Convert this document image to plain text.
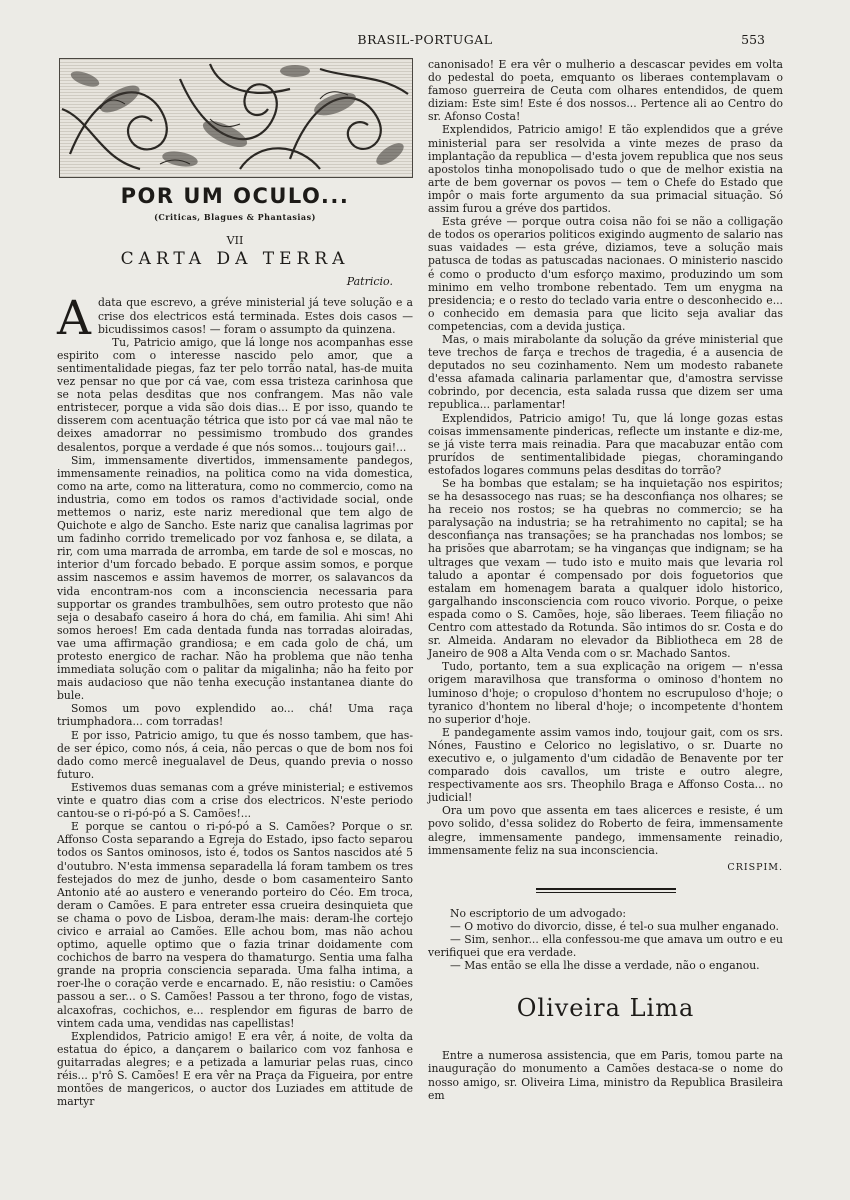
BRASIL-PORTUGAL	553
POR UM OCULO...
(Criticas, Blagues & Phantasias)
VII
CARTA DA TERRA
Patricio.

Adata que escrevo, a gréve ministerial já teve solução e a crise dos electricos está terminada. Estes dois casos — bicudissimos casos! — foram o assumpto da quinzena.

Tu, Patricio amigo, que lá longe nos acompanhas esse espirito com o interesse nascido pelo amor, que a sentimentalidade piegas, faz ter pelo torrão natal, has-de muita vez pensar no que por cá vae, com essa tristeza carinhosa que se nota pelas desditas que nos confrangem. Mas não vale entristecer, porque a vida são dois dias... E por isso, quando te disserem com acentuação tétrica que isto por cá vae mal não te deixes amadorrar no pessimismo trombudo dos grandes desalentos, porque a verdade é que nós somos... toujours gai!...

Sim, immensamente divertidos, immensamente pandegos, immensamente reinadios, na politica como na vida domestica, como na arte, como na litteratura, como no commercio, como na industria, como em todos os ramos d'actividade social, onde mettemos o nariz, este nariz meredional que tem algo de Quichote e algo de Sancho. Este nariz que canalisa lagrimas por um fadinho corrido tremelicado por voz fanhosa e, se dilata, a rir, com uma marrada de arromba, em tarde de sol e moscas, no interior d'um forcado bebado. E porque assim somos, e porque assim nascemos e assim havemos de morrer, os salavancos da vida encontram-nos com a inconsciencia necessaria para supportar os grandes trambulhões, sem outro protesto que não seja o desabafo caseiro á hora do chá, em familia. Ahi sim! Ahi somos heroes! Em cada dentada funda nas torradas aloiradas, vae uma affirmação grandiosa; e em cada golo de chá, um protesto energico de rachar. Não ha problema que não tenha immediata solução com o palitar da migalinha; não ha feito por mais audacioso que não tenha execução instantanea diante do bule.

Somos um povo explendido ao... chá! Uma raça triumphadora... com torradas!

E por isso, Patricio amigo, tu que és nosso tambem, que has-de ser épico, como nós, á ceia, não percas o que de bom nos foi dado como mercê inegualavel de Deus, quando previa o nosso futuro.

Estivemos duas semanas com a gréve ministerial; e estivemos vinte e quatro dias com a crise dos electricos. N'este periodo cantou-se o ri-pó-pó a S. Camões!...

E porque se cantou o ri-pó-pó a S. Camões? Porque o sr. Affonso Costa separando a Egreja do Estado, ipso facto separou todos os Santos ominosos, isto é, todos os Santos nascidos até 5 d'outubro. N'esta immensa separadella lá foram tambem os tres festejados do mez de junho, desde o bom casamenteiro Santo Antonio até ao austero e venerando porteiro do Céo. Em troca, deram o Camões. E para entreter essa crueira desinquieta que se chama o povo de Lisboa, deram-lhe mais: deram-lhe cortejo civico e arraial ao Camões. Elle achou bom, mas não achou optimo, aquelle optimo que o fazia trinar doidamente com cochichos de barro na vespera do thamaturgo. Sentia uma falha grande na propria consciencia separada. Uma falha intima, a roer-lhe o coração verde e encarnado. E, não resistiu: o Camões passou a ser... o S. Camões! Passou a ter throno, fogo de vistas, alcaxofras, cochichos, e... resplendor em figuras de barro de vintem cada uma, vendidas nas capellistas!

Explendidos, Patricio amigo! E era vêr, á noite, de volta da estatua do épico, a dançarem o bailarico com voz fanhosa e guitarradas alegres; e a petizada a lamuriar pelas ruas, cinco réis... p'rô S. Camões! E era vêr na Praça da Figueira, por entre montões de mangericos, o auctor dos Luziades em attitude de martyr

canonisado! E era vêr o mulherio a descascar pevides em volta do pedestal do poeta, emquanto os liberaes contemplavam o famoso guerreira de Ceuta com olhares entendidos, de quem diziam: Este sim! Este é dos nossos... Pertence ali ao Centro do sr. Afonso Costa!

Explendidos, Patricio amigo! E tão explendidos que a gréve ministerial para ser resolvida a vinte mezes de praso da implantação da republica — d'esta jovem republica que nos seus apostolos tinha monopolisado tudo o que de melhor existia na arte de bem governar os povos — tem o Chefe do Estado que impôr o mais forte argumento da sua primacial situação. Só assim furou a gréve dos partidos.

Esta gréve — porque outra coisa não foi se não a colligação de todos os operarios politicos exigindo augmento de salario nas suas vaidades — esta gréve, diziamos, teve a solução mais patusca de todas as patuscadas nacionaes. O ministerio nascido é como o producto d'um esforço maximo, produzindo um som minimo em velho trombone rebentado. Tem um enygma na presidencia; e o resto do teclado varia entre o desconhecido e... o conhecido em demasia para que licito seja avaliar das competencias, com a devida justiça.

Mas, o mais mirabolante da solução da gréve ministerial que teve trechos de farça e trechos de tragedia, é a ausencia de deputados no seu cozinhamento. Nem um modesto rabanete d'essa afamada calinaria parlamentar que, d'amostra servisse cobrindo, por decencia, esta salada russa que dizem ser uma republica... parlamentar!

Explendidos, Patricio amigo! Tu, que lá longe gozas estas coisas immensamente pindericas, reflecte um instante e diz-me, se já viste terra mais reinadia. Para que macabuzar então com prurídos de sentimentalibidade piegas, choramingando estofados logares communs pelas desditas do torrão?

Se ha bombas que estalam; se ha inquietação nos espiritos; se ha desassocego nas ruas; se ha desconfiança nos olhares; se ha receio nos rostos; se ha quebras no commercio; se ha paralysação na industria; se ha retrahimento no capital; se ha desconfiança nas transações; se ha pranchadas nos lombos; se ha prisões que abarrotam; se ha vinganças que indignam; se ha ultrages que vexam — tudo isto e muito mais que levaria rol taludo a apontar é compensado por dois foguetorios que estalam em homenagem barata a qualquer idolo historico, gargalhando insconsciencia com rouco vivorio. Porque, o peixe espada como o S. Camões, hoje, são liberaes. Teem filiação no Centro com attestado da Rotunda. São intimos do sr. Costa e do sr. Almeida. Andaram no elevador da Bibliotheca em 28 de Janeiro de 908 a Alta Venda com o sr. Machado Santos.

Tudo, portanto, tem a sua explicação na origem — n'essa origem maravilhosa que transforma o ominoso d'hontem no luminoso d'hoje; o cropuloso d'hontem no escrupuloso d'hoje; o tyranico d'hontem no liberal d'hoje; o incompetente d'hontem no superior d'hoje.

E pandegamente assim vamos indo, toujour gait, com os srs. Nónes, Faustino e Celorico no legislativo, o sr. Duarte no executivo e, o julgamento d'um cidadão de Benavente por ter comparado dois cavallos, um triste e outro alegre, respectivamente aos srs. Theophilo Braga e Affonso Costa... no judicial!

Ora um povo que assenta em taes alicerces e resiste, é um povo solido, d'essa solidez do Roberto de feira, immensamente alegre, immensamente pandego, immensamente reinadio, immensamente feliz na sua inconsciencia.

CRISPIM.

No escriptorio de um advogado:

— O motivo do divorcio, disse, é tel-o sua mulher enganado.

— Sim, senhor... ella confessou-me que amava um outro e eu verifiquei que era verdade.

— Mas então se ella lhe disse a verdade, não o enganou.

Oliveira Lima

Entre a numerosa assistencia, que em Paris, tomou parte na inauguração do monumento a Camões destaca-se o nome do nosso amigo, sr. Oliveira Lima, ministro da Republica Brasileira em
